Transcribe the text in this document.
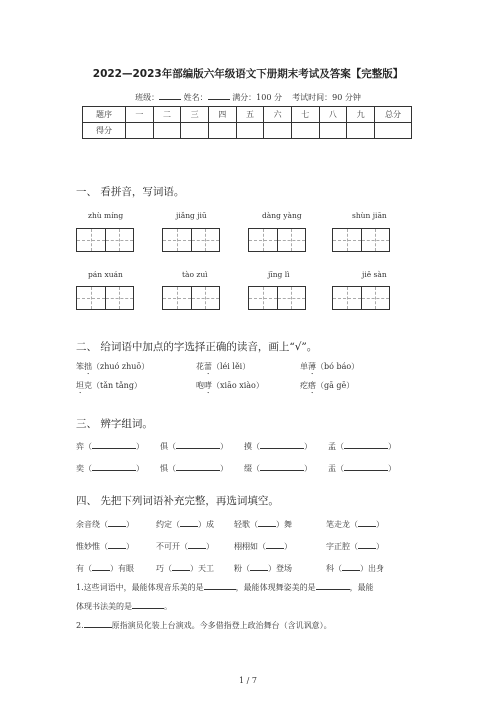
2022—2023年部编版六年级语文下册期末考试及答案【完整版】
班级：	姓名：	满分：100 分 考试时间：90 分钟
题序	一	二	三	四	五	六	七	八	九	总分
得分										
一、 看拼音，写词语。
zhù míng	jiǎng jiū	dàng yàng	shùn jiān
pán xuán	tào zuì	jīng lì	jiě sàn
二、 给词语中加点的字选择正确的读音，画上“√”。
笨拙（zhuó zhuō）	花蕾（léi lěi）	单薄（bó báo）
坦克（tǎn tǎng）	咆哮（xiāo xiào）	疙瘩（gā gē）
三、 辨字组词。
弈（	） 俱（	） 摸（	） 孟（	）
奕（	） 惧（	） 缀（	） 盂（	）
四、 先把下列词语补充完整，再选词填空。
余音绕（ ）	约定（ ）成	轻歌（ ）舞	笔走龙（ ）
惟妙惟（ ）	不可开（ ）	栩栩如（ ）	字正腔（ ）
有（ ）有眼	巧（ ）天工	粉（ ）登场	科（ ）出身
1.这些词语中，最能体现音乐美的是	，最能体现舞姿美的是	，最能
体现书法美的是	。
2.	原指演员化装上台演戏。今多借指登上政治舞台（含讥讽意）。
1 / 7
